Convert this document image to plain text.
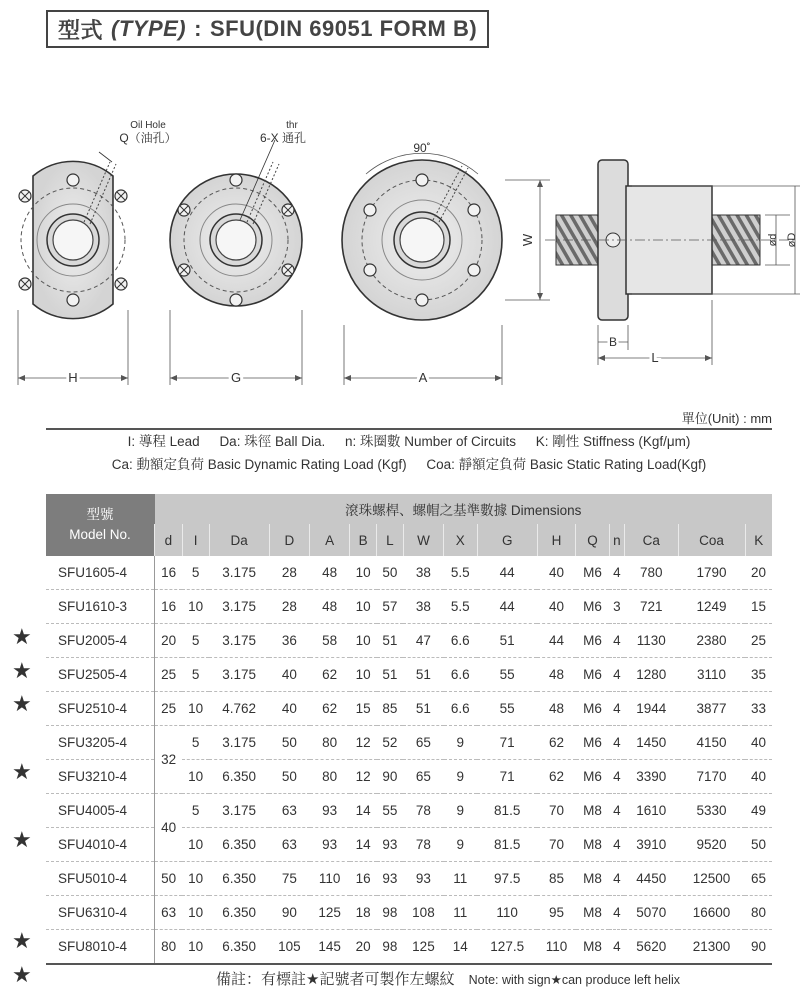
型式 (TYPE) : SFU(DIN 69051 FORM B)
H
Oil Hole
Q（油孔）
G
thr
6-X 通孔
90˚
A
W
B
L
ød øD
單位(Unit) : mm
I: 導程 Lead Da: 珠徑 Ball Dia. n: 珠圈數 Number of Circuits K: 剛性 Stiffness (Kgf/μm)
Ca: 動額定負荷 Basic Dynamic Rating Load (Kgf) Coa: 靜額定負荷 Basic Static Rating Load(Kgf)
型號
Model No.	滾珠螺桿、螺帽之基準數據 Dimensions															
	d	I	Da	D	A	B	L	W	X	G	H	Q	n	Ca	Coa	K
SFU1605-4	16	5	3.175	28	48	10	50	38	5.5	44	40	M6	4	780	1790	20
SFU1610-3	16	10	3.175	28	48	10	57	38	5.5	44	40	M6	3	721	1249	15
SFU2005-4	20	5	3.175	36	58	10	51	47	6.6	51	44	M6	4	1130	2380	25
SFU2505-4	25	5	3.175	40	62	10	51	51	6.6	55	48	M6	4	1280	3110	35
SFU2510-4	25	10	4.762	40	62	15	85	51	6.6	55	48	M6	4	1944	3877	33
SFU3205-4	32	5	3.175	50	80	12	52	65	9	71	62	M6	4	1450	4150	40
SFU3210-4		10	6.350	50	80	12	90	65	9	71	62	M6	4	3390	7170	40
SFU4005-4	40	5	3.175	63	93	14	55	78	9	81.5	70	M8	4	1610	5330	49
SFU4010-4		10	6.350	63	93	14	93	78	9	81.5	70	M8	4	3910	9520	50
SFU5010-4	50	10	6.350	75	110	16	93	93	11	97.5	85	M8	4	4450	12500	65
SFU6310-4	63	10	6.350	90	125	18	98	108	11	110	95	M8	4	5070	16600	80
SFU8010-4	80	10	6.350	105	145	20	98	125	14	127.5	110	M8	4	5620	21300	90
★
★
★
★
★
★
★	備註：有標註★記號者可製作左螺紋 Note: with sign★can produce left helix
